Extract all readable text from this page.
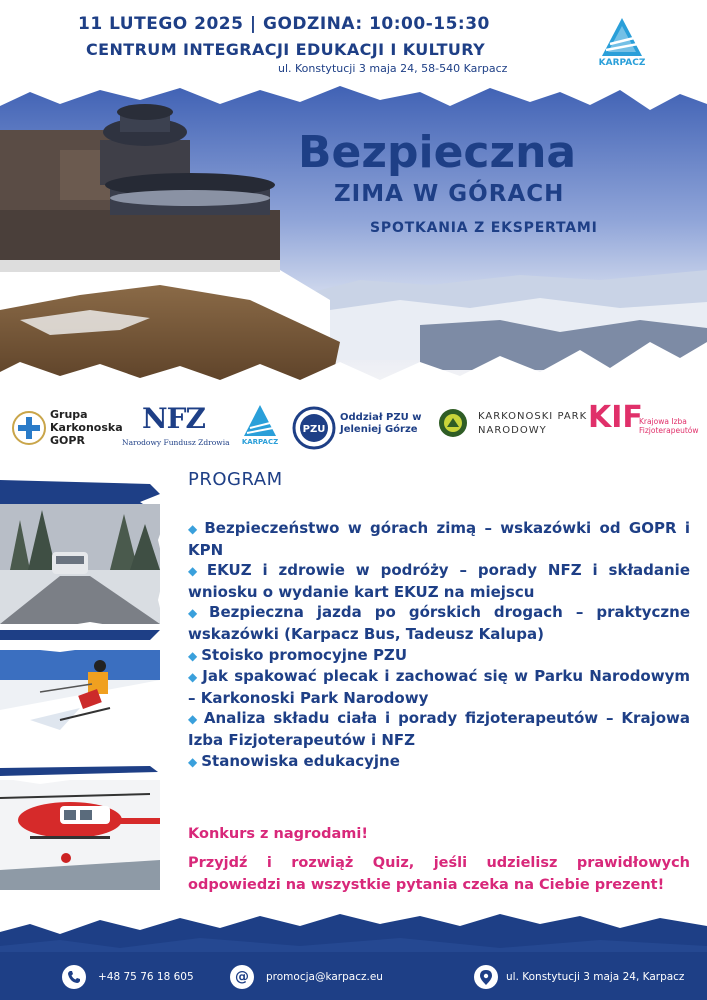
11 LUTEGO 2025 | GODZINA: 10:00-15:30
CENTRUM INTEGRACJI EDUKACJI I KULTURY
ul. Konstytucji 3 maja 24, 58-540 Karpacz	KARPACZ
Bezpieczna
ZIMA W GÓRACH
SPOTKANIA Z EKSPERTAMI
Grupa Karkonoska GOPR
NFZ
Narodowy Fundusz Zdrowia	KARPACZ
PZU
Oddział PZU w Jeleniej Górze
KARKONOSKI PARK NARODOWY	KIF
Krajowa Izba Fizjoterapeutów
PROGRAM
◆ Bezpieczeństwo w górach zimą – wskazówki od GOPR i KPN
◆ EKUZ i zdrowie w podróży – porady NFZ i składanie wniosku o wydanie kart EKUZ na miejscu
◆ Bezpieczna jazda po górskich drogach – praktyczne wskazówki (Karpacz Bus, Tadeusz Kalupa)
◆ Stoisko promocyjne PZU
◆ Jak spakować plecak i zachować się w Parku Narodowym – Karkonoski Park Narodowy
◆ Analiza składu ciała i porady fizjoterapeutów – Krajowa Izba Fizjoterapeutów i NFZ
◆ Stanowiska edukacyjne
Konkurs z nagrodami!
Przyjdź i rozwiąż Quiz, jeśli udzielisz prawidłowych odpowiedzi na wszystkie pytania czeka na Ciebie prezent!
+48 75 76 18 605	@ promocja@karpacz.eu	ul. Konstytucji 3 maja 24, Karpacz
